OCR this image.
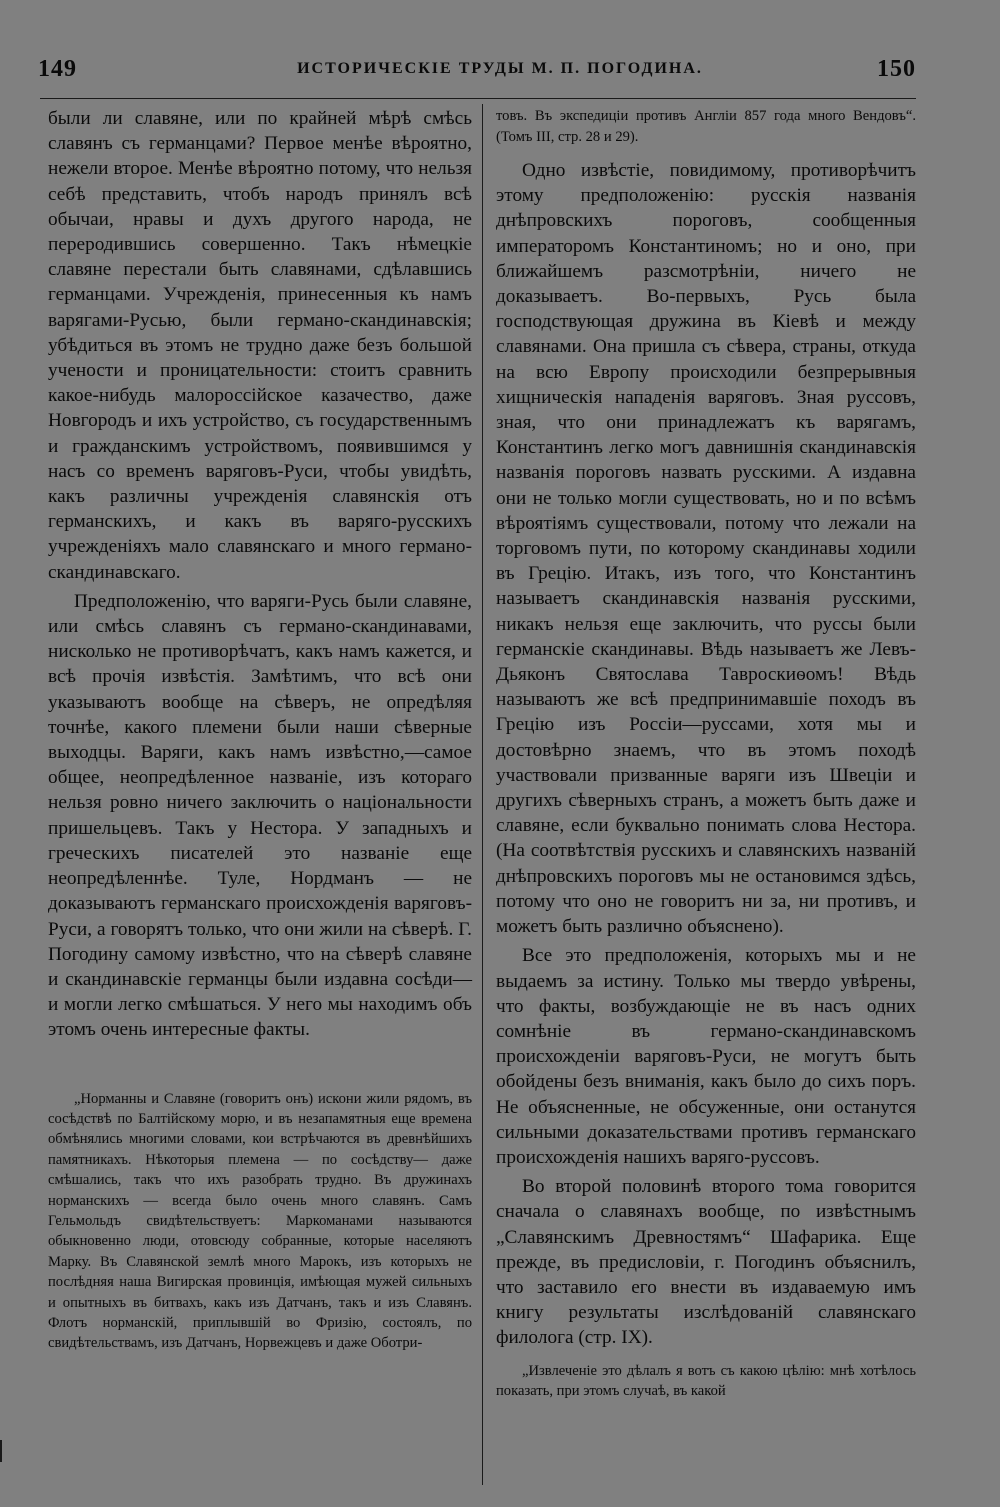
149	ИСТОРИЧЕСКІЕ ТРУДЫ М. П. ПОГОДИНА.	150

были ли славяне, или по крайней мѣрѣ смѣсь славянъ съ германцами? Первое менѣе вѣроятно, нежели второе. Менѣе вѣроятно потому, что нельзя себѣ представить, чтобъ народъ принялъ всѣ обычаи, нравы и духъ другого народа, не переродившись совершенно. Такъ нѣмецкіе славяне перестали быть славянами, сдѣлавшись германцами. Учрежденія, принесенныя къ намъ варягами-Русью, были германо-скандинавскія; убѣдиться въ этомъ не трудно даже безъ большой учености и проницательности: стоитъ сравнить какое-нибудь малороссійское казачество, даже Новгородъ и ихъ устройство, съ государственнымъ и гражданскимъ устройствомъ, появившимся у насъ со временъ варяговъ-Руси, чтобы увидѣть, какъ различны учрежденія славянскія отъ германскихъ, и какъ въ варяго-русскихъ учрежденіяхъ мало славянскаго и много германо-скандинавскаго.

Предположенію, что варяги-Русь были славяне, или смѣсь славянъ съ германо-скандинавами, нисколько не противорѣчатъ, какъ намъ кажется, и всѣ прочія извѣстія. Замѣтимъ, что всѣ они указываютъ вообще на сѣверъ, не опредѣляя точнѣе, какого племени были наши сѣверные выходцы. Варяги, какъ намъ извѣстно,—самое общее, неопредѣленное названіе, изъ котораго нельзя ровно ничего заключить о національности пришельцевъ. Такъ у Нестора. У западныхъ и греческихъ писателей это названіе еще неопредѣленнѣе. Туле, Нордманъ — не доказываютъ германскаго происхожденія варяговъ-Руси, а говорятъ только, что они жили на сѣверѣ. Г. Погодину самому извѣстно, что на сѣверѣ славяне и скандинавскіе германцы были издавна сосѣди—и могли легко смѣшаться. У него мы находимъ объ этомъ очень интересные факты.

„Норманны и Славяне (говоритъ онъ) искони жили рядомъ, въ сосѣдствѣ по Балтійскому морю, и въ незапамятныя еще времена обмѣнялись многими словами, кои встрѣчаются въ древнѣйшихъ памятникахъ. Нѣкоторыя племена — по сосѣдству— даже смѣшались, такъ что ихъ разобрать трудно. Въ дружинахъ норманскихъ — всегда было очень много славянъ. Самъ Гельмольдъ свидѣтельствуетъ: Маркоманами называются обыкновенно люди, отовсюду собранные, которые населяютъ Марку. Въ Славянской землѣ много Марокъ, изъ которыхъ не послѣдняя наша Вигирская провинція, имѣющая мужей сильныхъ и опытныхъ въ битвахъ, какъ изъ Датчанъ, такъ и изъ Славянъ. Флотъ норманскій, приплывшій во Фризію, состоялъ, по свидѣтельствамъ, изъ Датчанъ, Норвежцевъ и даже Оботри-

товъ. Въ экспедиціи противъ Англіи 857 года много Вендовъ“. (Томъ III, стр. 28 и 29).

Одно извѣстіе, повидимому, противорѣчитъ этому предположенію: русскія названія днѣпровскихъ пороговъ, сообщенныя императоромъ Константиномъ; но и оно, при ближайшемъ разсмотрѣніи, ничего не доказываетъ. Во-первыхъ, Русь была господствующая дружина въ Кіевѣ и между славянами. Она пришла съ сѣвера, страны, откуда на всю Европу происходили безпрерывныя хищническія нападенія варяговъ. Зная руссовъ, зная, что они принадлежатъ къ варягамъ, Константинъ легко могъ давнишнія скандинавскія названія пороговъ назвать русскими. А издавна они не только могли существовать, но и по всѣмъ вѣроятіямъ существовали, потому что лежали на торговомъ пути, по которому скандинавы ходили въ Грецію. Итакъ, изъ того, что Константинъ называетъ скандинавскія названія русскими, никакъ нельзя еще заключить, что руссы были германскіе скандинавы. Вѣдь называетъ же Левъ-Дьяконъ Святослава Тавроскиѳомъ! Вѣдь называютъ же всѣ предпринимавшіе походъ въ Грецію изъ Россіи—руссами, хотя мы и достовѣрно знаемъ, что въ этомъ походѣ участвовали призванные варяги изъ Швеціи и другихъ сѣверныхъ странъ, а можетъ быть даже и славяне, если буквально понимать слова Нестора. (На соотвѣтствія русскихъ и славянскихъ названій днѣпровскихъ пороговъ мы не остановимся здѣсь, потому что оно не говоритъ ни за, ни противъ, и можетъ быть различно объяснено).

Все это предположенія, которыхъ мы и не выдаемъ за истину. Только мы твердо увѣрены, что факты, возбуждающіе не въ насъ одних сомнѣніе въ германо-скандинавскомъ происхожденіи варяговъ-Руси, не могутъ быть обойдены безъ вниманія, какъ было до сихъ поръ. Не объясненные, не обсуженные, они останутся сильными доказательствами противъ германскаго происхожденія нашихъ варяго-руссовъ.

Во второй половинѣ второго тома говорится сначала о славянахъ вообще, по извѣстнымъ „Славянскимъ Древностямъ“ Шафарика. Еще прежде, въ предисловіи, г. Погодинъ объяснилъ, что заставило его внести въ издаваемую имъ книгу результаты изслѣдованій славянскаго филолога (стр. IX).

„Извлеченіе это дѣлалъ я вотъ съ какою цѣлію: мнѣ хотѣлось показать, при этомъ случаѣ, въ какой
